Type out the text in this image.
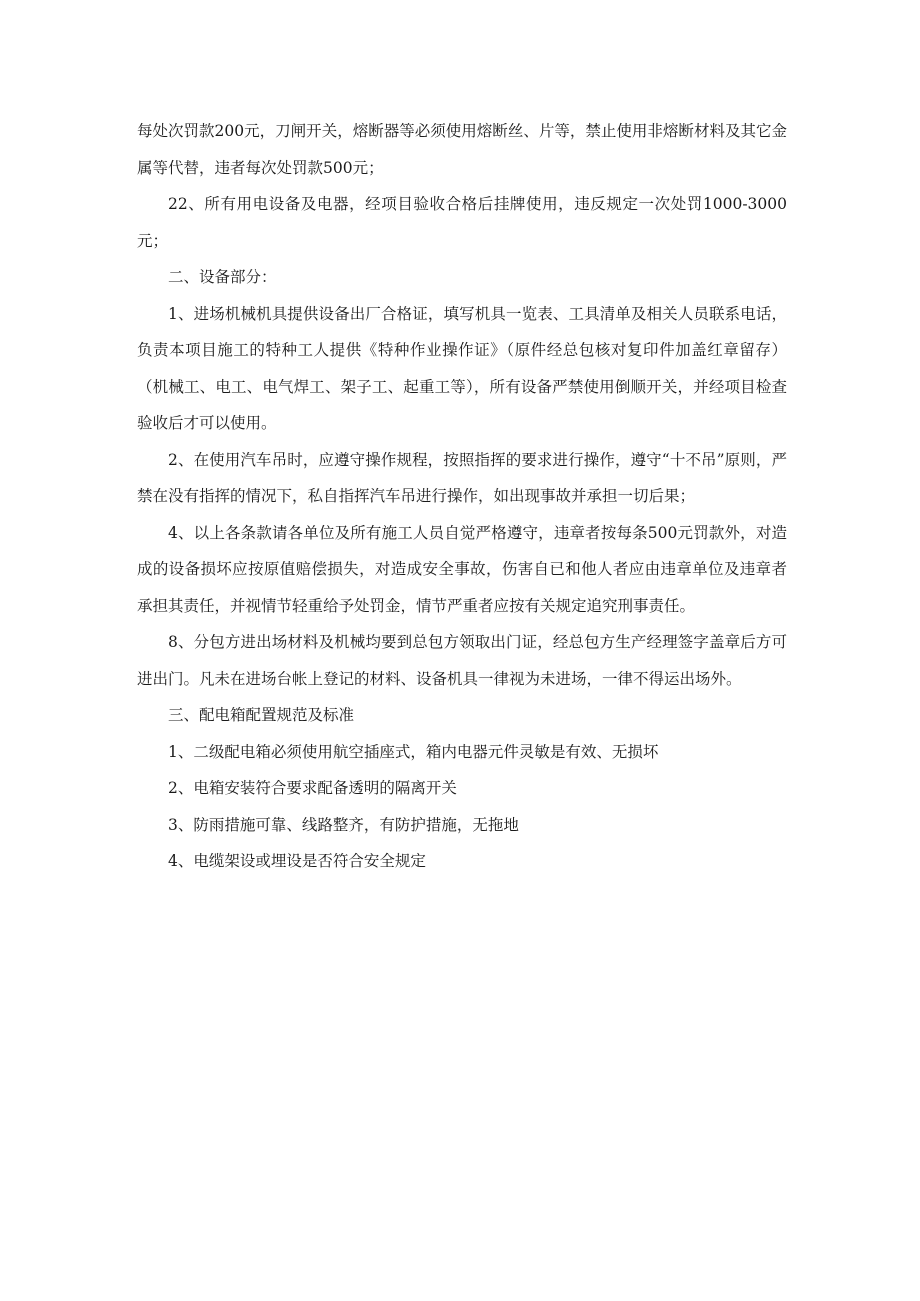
每处次罚款200元，刀闸开关，熔断器等必须使用熔断丝、片等，禁止使用非熔断材料及其它金属等代替，违者每次处罚款500元；

22、所有用电设备及电器，经项目验收合格后挂牌使用，违反规定一次处罚1000-3000元；

二、设备部分：

1、进场机械机具提供设备出厂合格证，填写机具一览表、工具清单及相关人员联系电话，负责本项目施工的特种工人提供《特种作业操作证》（原件经总包核对复印件加盖红章留存）（机械工、电工、电气焊工、架子工、起重工等），所有设备严禁使用倒顺开关，并经项目检查验收后才可以使用。

2、在使用汽车吊时，应遵守操作规程，按照指挥的要求进行操作，遵守“十不吊”原则，严禁在没有指挥的情况下，私自指挥汽车吊进行操作，如出现事故并承担一切后果；

4、以上各条款请各单位及所有施工人员自觉严格遵守，违章者按每条500元罚款外，对造成的设备损坏应按原值赔偿损失，对造成安全事故，伤害自已和他人者应由违章单位及违章者承担其责任，并视情节轻重给予处罚金，情节严重者应按有关规定追究刑事责任。

8、分包方进出场材料及机械均要到总包方领取出门证，经总包方生产经理签字盖章后方可进出门。凡未在进场台帐上登记的材料、设备机具一律视为未进场，一律不得运出场外。

三、配电箱配置规范及标准

1、二级配电箱必须使用航空插座式，箱内电器元件灵敏是有效、无损坏

2、电箱安装符合要求配备透明的隔离开关

3、防雨措施可靠、线路整齐，有防护措施，无拖地

4、电缆架设或埋设是否符合安全规定
